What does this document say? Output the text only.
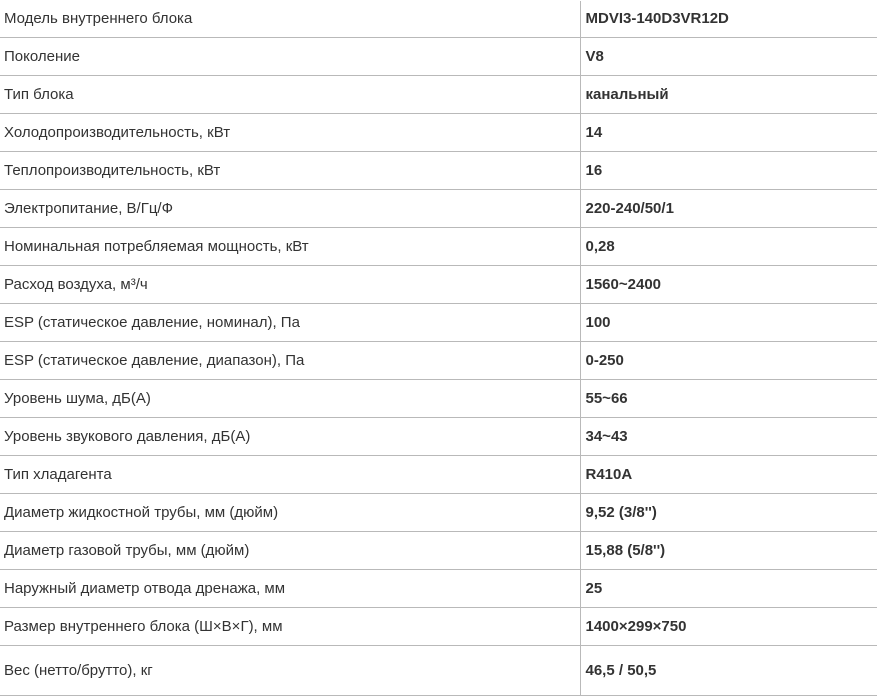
Модель внутреннего блока	MDVI3-140D3VR12D
Поколение	V8
Тип блока	канальный
Холодопроизводительность, кВт	14
Теплопроизводительность, кВт	16
Электропитание, В/Гц/Ф	220-240/50/1
Номинальная потребляемая мощность, кВт	0,28
Расход воздуха, м³/ч	1560~2400
ESP (статическое давление, номинал), Па	100
ESP (статическое давление, диапазон), Па	0-250
Уровень шума, дБ(А)	55~66
Уровень звукового давления, дБ(А)	34~43
Тип хладагента	R410A
Диаметр жидкостной трубы, мм (дюйм)	9,52 (3/8'')
Диаметр газовой трубы, мм (дюйм)	15,88 (5/8'')
Наружный диаметр отвода дренажа, мм	25
Размер внутреннего блока (Ш×В×Г), мм	1400×299×750
Вес (нетто/брутто), кг	46,5 / 50,5
